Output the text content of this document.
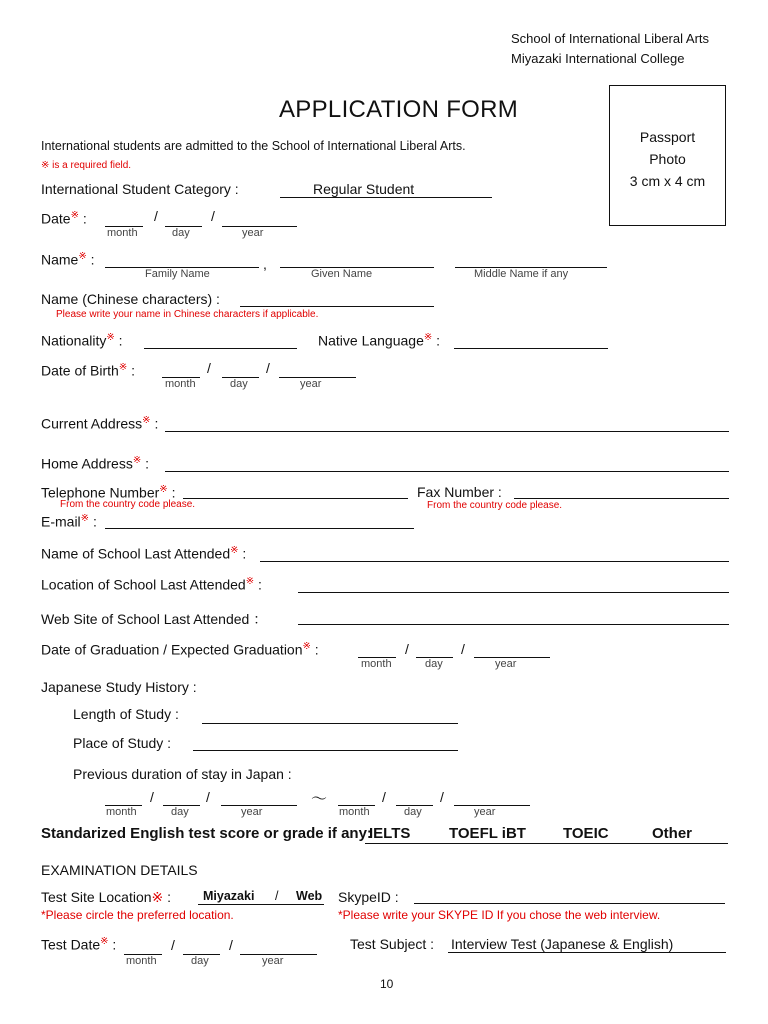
School of International Liberal Arts
Miyazaki International College
Passport
Photo
3 cm x 4 cm
APPLICATION FORM
International students are admitted to the School of International Liberal Arts.
※ is a required field.
International Student Category :	Regular Student
Date※ :	/	/
month	day	year
Name※ :	,
Family Name	Given Name	Middle Name if any
Name (Chinese characters) :
Please write your name in Chinese characters if applicable.
Nationality※ :	Native Language※ :
Date of Birth※ :	/	/
month	day	year
Current Address※ :
Home Address※ :
Telephone Number※ :
From the country code please.
Fax Number :
From the country code please.
E-mail※ :
Name of School Last Attended※ :
Location of School Last Attended※ :
Web Site of School Last Attended ：
Date of Graduation / Expected Graduation※ :	/	/
month	day	year
Japanese Study History :
Length of Study :
Place of Study :
Previous duration of stay in Japan :
/	/
month	day	year
〜	/	/
month	day	year
Standarized English test score or grade if any:
IELTS	TOEFL iBT TOEIC	Other
EXAMINATION DETAILS
Test Site Location※ :	Miyazaki / Web
*Please circle the preferred location.
SkypeID :
*Please write your SKYPE ID If you chose the web interview.
Test Date※ :	/	/
month	day	year
Test Subject : Interview Test (Japanese & English)
10
